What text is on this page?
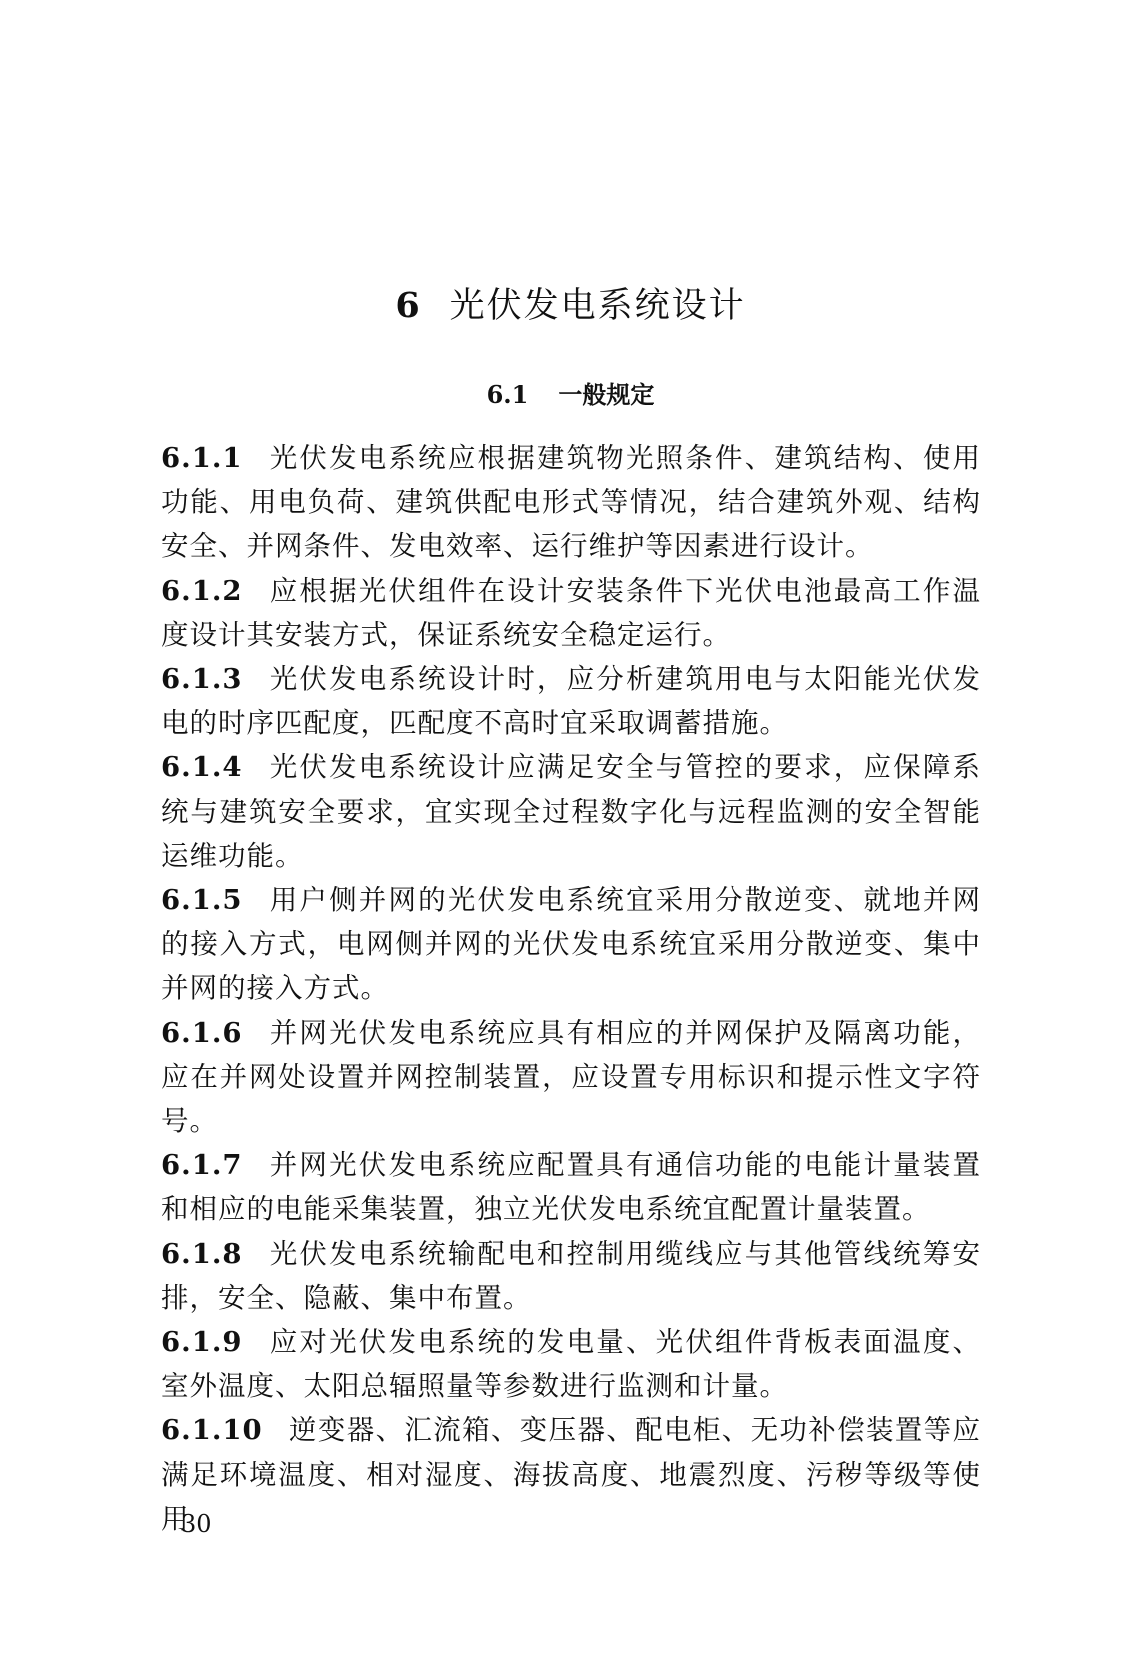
6 光伏发电系统设计
6.1 一般规定
6.1.1 光伏发电系统应根据建筑物光照条件、建筑结构、使用功能、用电负荷、建筑供配电形式等情况，结合建筑外观、结构安全、并网条件、发电效率、运行维护等因素进行设计。
6.1.2 应根据光伏组件在设计安装条件下光伏电池最高工作温度设计其安装方式，保证系统安全稳定运行。
6.1.3 光伏发电系统设计时，应分析建筑用电与太阳能光伏发电的时序匹配度，匹配度不高时宜采取调蓄措施。
6.1.4 光伏发电系统设计应满足安全与管控的要求，应保障系统与建筑安全要求，宜实现全过程数字化与远程监测的安全智能运维功能。
6.1.5 用户侧并网的光伏发电系统宜采用分散逆变、就地并网的接入方式，电网侧并网的光伏发电系统宜采用分散逆变、集中并网的接入方式。
6.1.6 并网光伏发电系统应具有相应的并网保护及隔离功能，应在并网处设置并网控制装置，应设置专用标识和提示性文字符号。
6.1.7 并网光伏发电系统应配置具有通信功能的电能计量装置和相应的电能采集装置，独立光伏发电系统宜配置计量装置。
6.1.8 光伏发电系统输配电和控制用缆线应与其他管线统筹安排，安全、隐蔽、集中布置。
6.1.9 应对光伏发电系统的发电量、光伏组件背板表面温度、室外温度、太阳总辐照量等参数进行监测和计量。
6.1.10 逆变器、汇流箱、变压器、配电柜、无功补偿装置等应满足环境温度、相对湿度、海拔高度、地震烈度、污秽等级等使用
30
